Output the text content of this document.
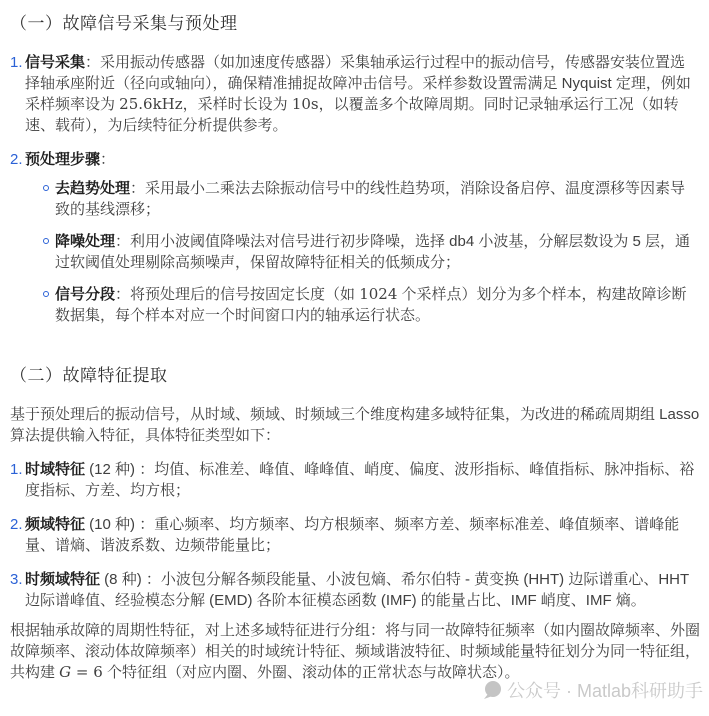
（一）故障信号采集与预处理
1. 信号采集：采用振动传感器（如加速度传感器）采集轴承运行过程中的振动信号，传感器安装位置选择轴承座附近（径向或轴向），确保精准捕捉故障冲击信号。采样参数设置需满足 Nyquist 定理，例如采样频率设为 25.6kHz，采样时长设为 10s，以覆盖多个故障周期。同时记录轴承运行工况（如转速、载荷），为后续特征分析提供参考。
2. 预处理步骤：
去趋势处理：采用最小二乘法去除振动信号中的线性趋势项，消除设备启停、温度漂移等因素导致的基线漂移；
降噪处理：利用小波阈值降噪法对信号进行初步降噪，选择 db4 小波基，分解层数设为 5 层，通过软阈值处理剔除高频噪声，保留故障特征相关的低频成分；
信号分段：将预处理后的信号按固定长度（如 1024 个采样点）划分为多个样本，构建故障诊断数据集，每个样本对应一个时间窗口内的轴承运行状态。
（二）故障特征提取

基于预处理后的振动信号，从时域、频域、时频域三个维度构建多域特征集，为改进的稀疏周期组 Lasso 算法提供输入特征，具体特征类型如下：

1. 时域特征 (12 种) ：均值、标准差、峰值、峰峰值、峭度、偏度、波形指标、峰值指标、脉冲指标、裕度指标、方差、均方根；
2. 频域特征 (10 种) ：重心频率、均方频率、均方根频率、频率方差、频率标准差、峰值频率、谱峰能量、谱熵、谐波系数、边频带能量比；
3. 时频域特征 (8 种) ：小波包分解各频段能量、小波包熵、希尔伯特 - 黄变换 (HHT) 边际谱重心、HHT 边际谱峰值、经验模态分解 (EMD) 各阶本征模态函数 (IMF) 的能量占比、IMF 峭度、IMF 熵。

根据轴承故障的周期性特征，对上述多域特征进行分组：将与同一故障特征频率（如内圈故障频率、外圈故障频率、滚动体故障频率）相关的时域统计特征、频域谐波特征、时频域能量特征划分为同一特征组，共构建 G = 6 个特征组（对应内圈、外圈、滚动体的正常状态与故障状态）。

公众号 · Matlab科研助手
